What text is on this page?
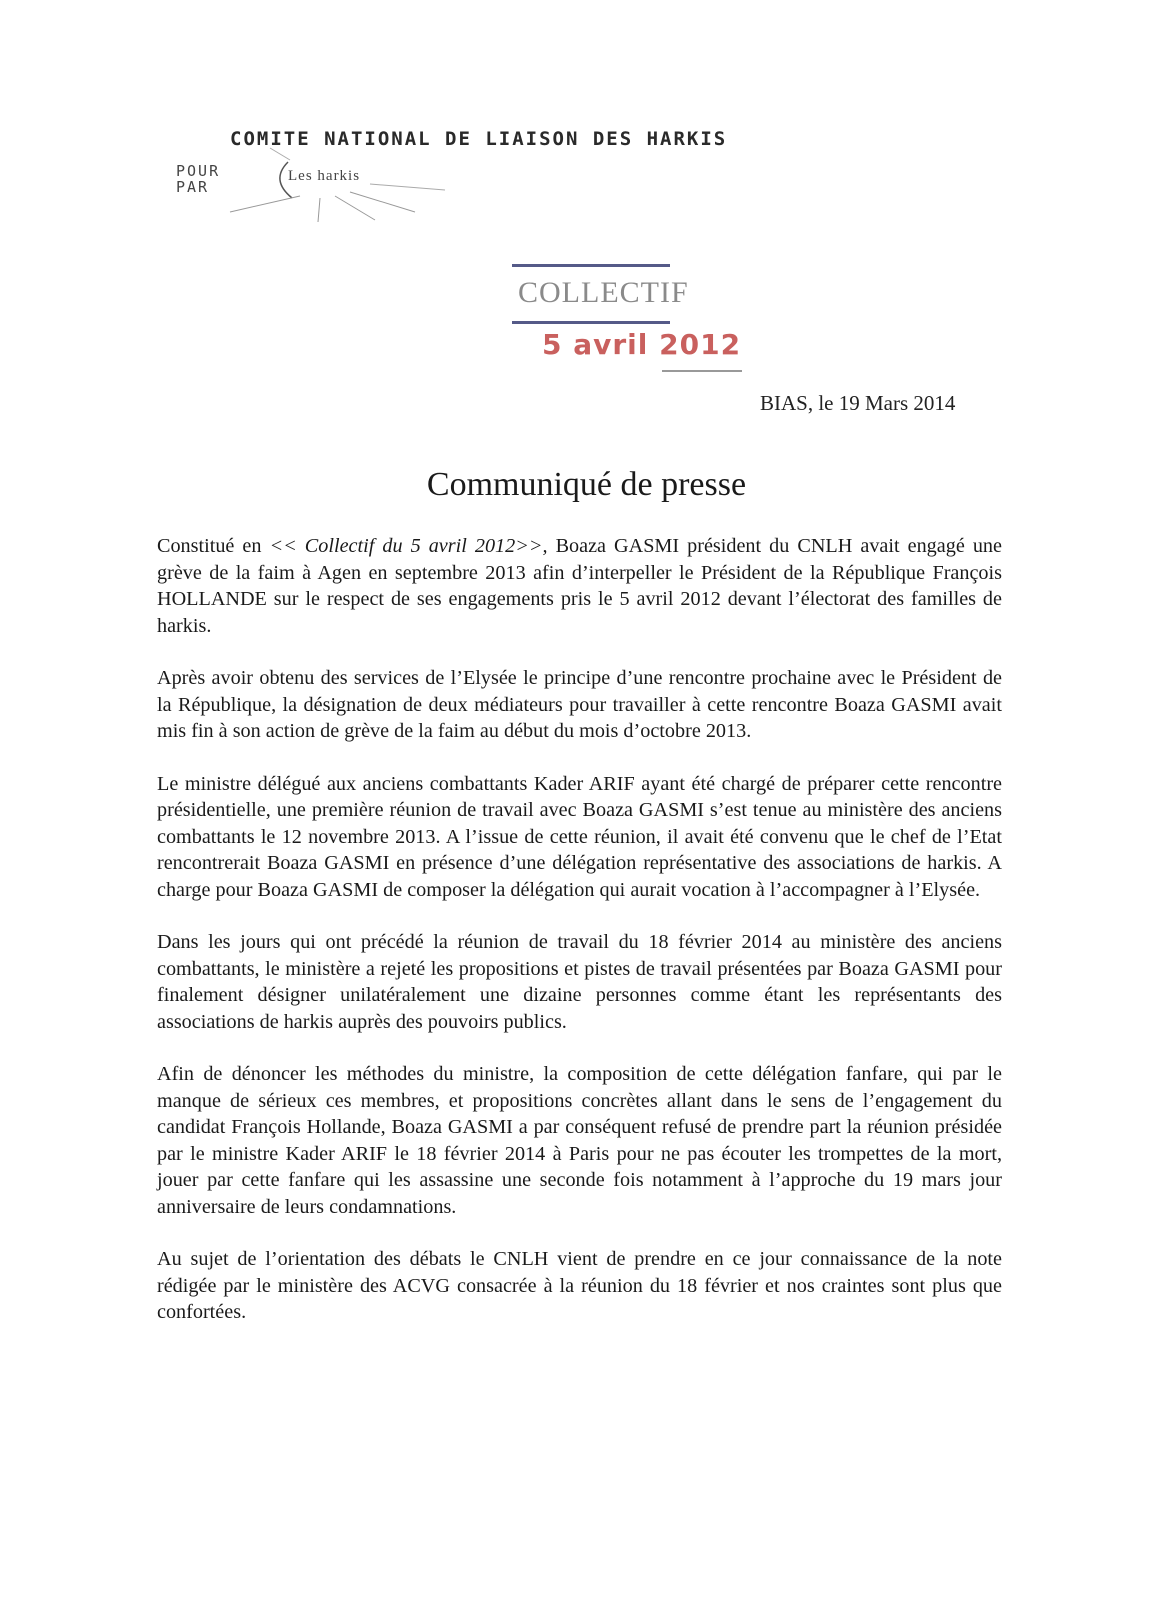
COMITE NATIONAL DE LIAISON DES HARKIS
POUR
PAR
Les harkis
COLLECTIF
5 avril 2012
BIAS, le 19 Mars 2014
Communiqué de presse

Constitué en << Collectif du 5 avril 2012>>, Boaza GASMI président du CNLH avait engagé une grève de la faim à Agen en septembre 2013 afin d’interpeller le Président de la République François HOLLANDE sur le respect de ses engagements pris le 5 avril 2012 devant l’électorat des familles de harkis.

Après avoir obtenu des services de l’Elysée le principe d’une rencontre prochaine avec le Président de la République, la désignation de deux médiateurs pour travailler à cette rencontre Boaza GASMI avait mis fin à son action de grève de la faim au début du mois d’octobre 2013.

Le ministre délégué aux anciens combattants Kader ARIF ayant été chargé de préparer cette rencontre présidentielle, une première réunion de travail avec Boaza GASMI s’est tenue au ministère des anciens combattants le 12 novembre 2013. A l’issue de cette réunion, il avait été convenu que le chef de l’Etat rencontrerait Boaza GASMI en présence d’une délégation représentative des associations de harkis. A charge pour Boaza GASMI de composer la délégation qui aurait vocation à l’accompagner à l’Elysée.

Dans les jours qui ont précédé la réunion de travail du 18 février 2014 au ministère des anciens combattants, le ministère a rejeté les propositions et pistes de travail présentées par Boaza GASMI pour finalement désigner unilatéralement une dizaine personnes comme étant les représentants des associations de harkis auprès des pouvoirs publics.

Afin de dénoncer les méthodes du ministre, la composition de cette délégation fanfare, qui par le manque de sérieux ces membres, et propositions concrètes allant dans le sens de l’engagement du candidat François Hollande, Boaza GASMI a par conséquent refusé de prendre part la réunion présidée par le ministre Kader ARIF le 18 février 2014 à Paris pour ne pas écouter les trompettes de la mort, jouer par cette fanfare qui les assassine une seconde fois notamment à l’approche du 19 mars jour anniversaire de leurs condamnations.

Au sujet de l’orientation des débats le CNLH vient de prendre en ce jour connaissance de la note rédigée par le ministère des ACVG consacrée à la réunion du 18 février et nos craintes sont plus que confortées.
